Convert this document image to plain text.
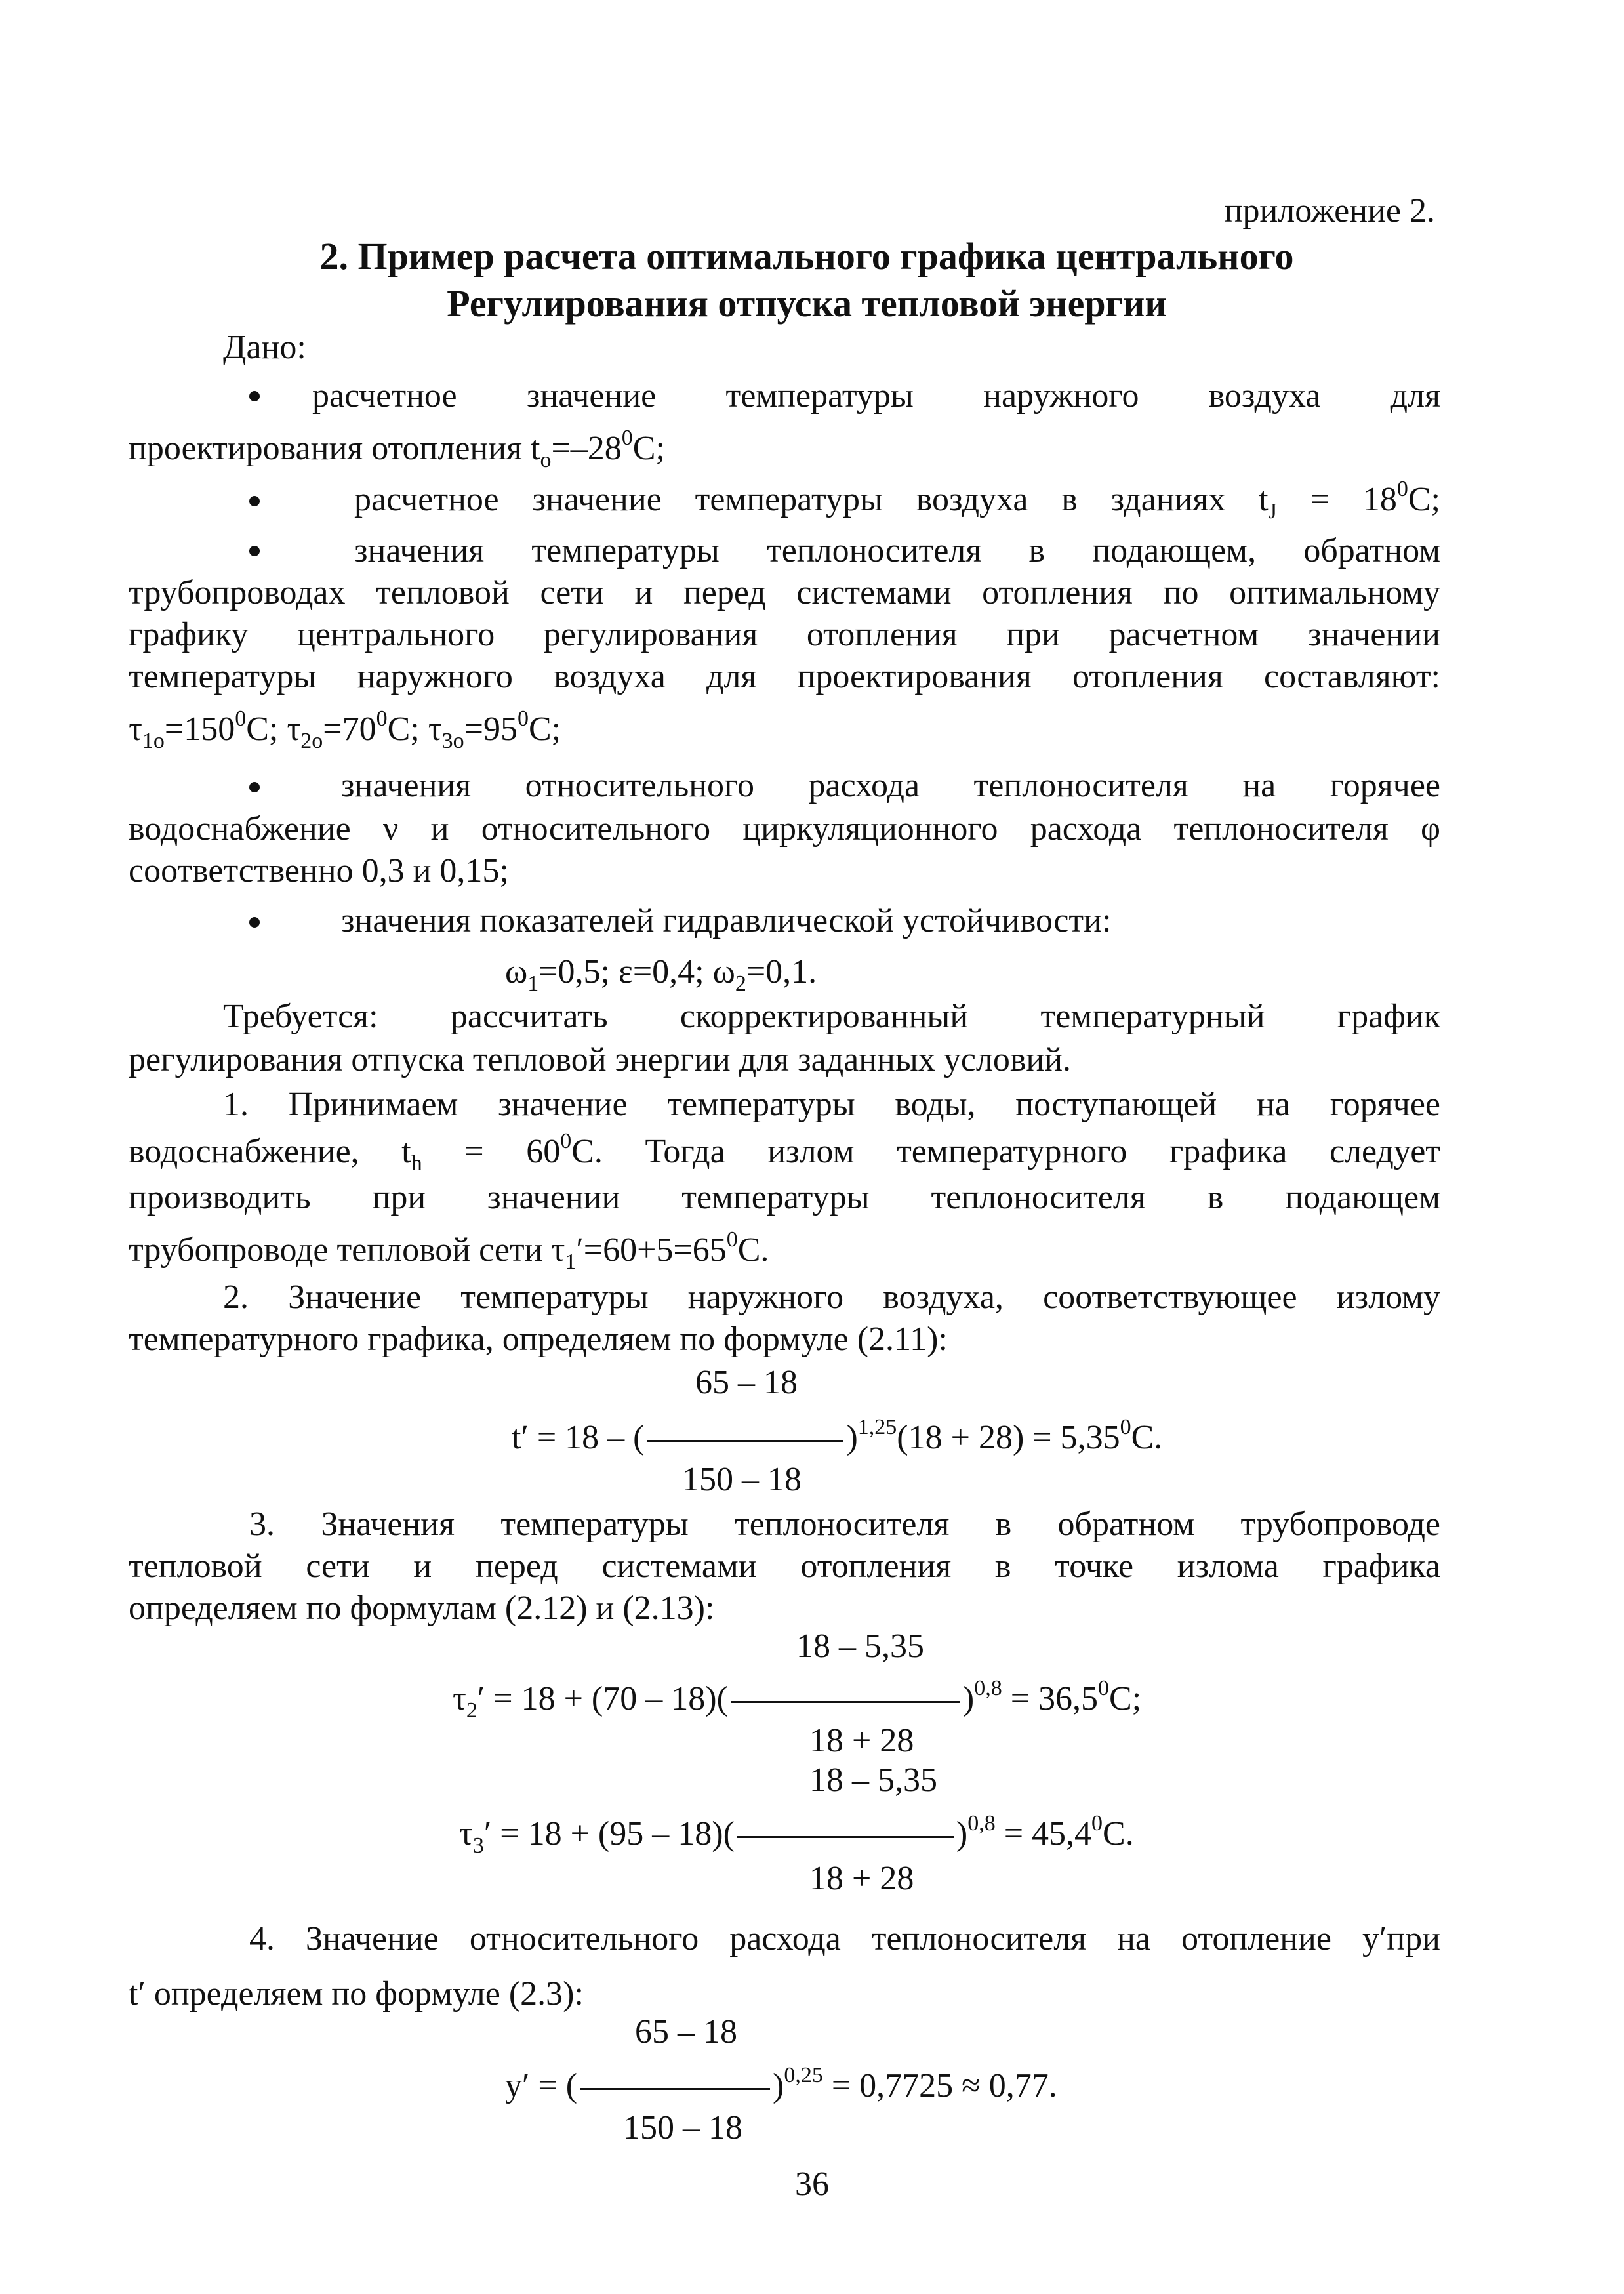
приложение 2.
2. Пример расчета оптимального графика центрального
Регулирования отпуска тепловой энергии
Дано:
расчетное значение температуры наружного воздуха для
проектирования отопления $t_o=-28^0C$;
расчетное значение температуры воздуха в зданиях $t_J = 18^0C$;
значения температуры теплоносителя в подающем, обратном
трубопроводах тепловой сети и перед системами отопления по оптимальному
графику центрального регулирования отопления при расчетном значении
температуры наружного воздуха для проектирования отопления составляют:
$\tau_{1o}=150^0C$; $\tau_{2o}=70^0C$; $\tau_{3o}=95^0C$;
значения относительного расхода теплоносителя на горячее
водоснабжение ν и относительного циркуляционного расхода теплоносителя φ
соответственно 0,3 и 0,15;
значения показателей гидравлической устойчивости:
$\omega_1=0,5$; ε=0,4; $\omega_2=0,1$.
Требуется: рассчитать скорректированный температурный график
регулирования отпуска тепловой энергии для заданных условий.
1. Принимаем значение температуры воды, поступающей на горячее
водоснабжение, $t_h = 60^0C$. Тогда излом температурного графика следует
производить при значении температуры теплоносителя в подающем
трубопроводе тепловой сети $\tau_1'=60+5=65^0C$.
2. Значение температуры наружного воздуха, соответствующее излому
температурного графика, определяем по формуле (2.11):
65 – 18
t′ = 18 – (	)$^{1,25}(18 + 28) = 5,35^0C$.
150 – 18
3. Значения температуры теплоносителя в обратном трубопроводе
тепловой сети и перед системами отопления в точке излома графика
определяем по формулам (2.12) и (2.13):
18 – 5,35
$\tau_2' = 18 + (70 - 18)$(	)$^{0,8} = 36,5^0C$;
18 + 28
18 – 5,35
$\tau_3' = 18 + (95 - 18)$(	)$^{0,8} = 45,4^0C$.
18 + 28
4. Значение относительного расхода теплоносителя на отопление y′при
t′ определяем по формуле (2.3):
65 – 18
y′ = (	)$^{0,25}$ = 0,7725 ≈ 0,77.
150 – 18
36
